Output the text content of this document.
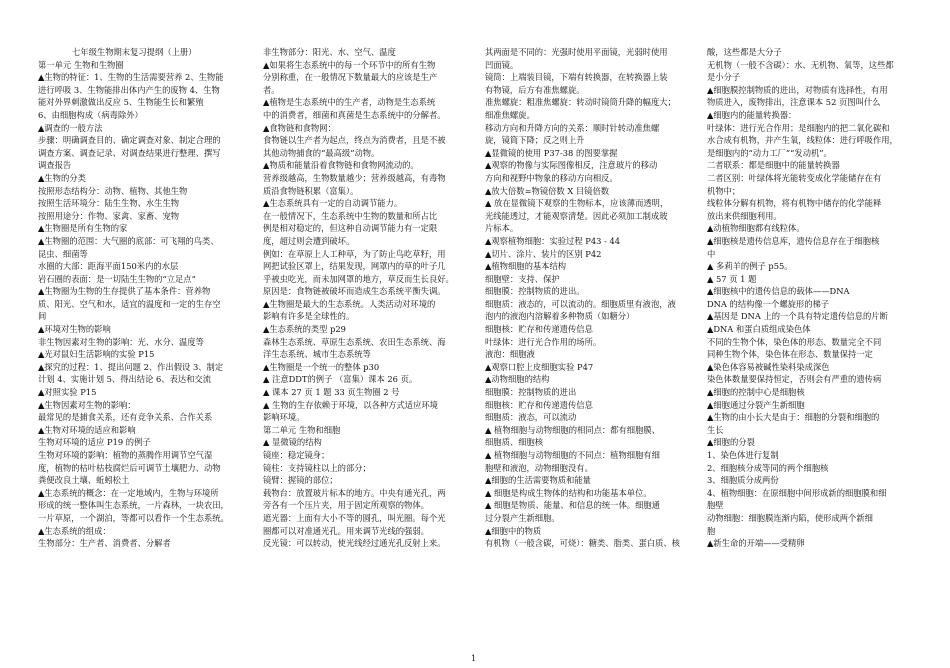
七年级生物期末复习提纲（上册）
第一单元 生物和生物圈
▲生物的特征：1、生物的生活需要营养 2、生物能
进行呼吸 3、生物能排出体内产生的废物 4、生物
能对外界刺激做出反应 5、生物能生长和繁殖
6、由细胞构成（病毒除外）
▲调查的一般方法
步骤：明确调查目的、确定调查对象、制定合理的
调查方案、调查记录、对调查结果进行整理、撰写
调查报告
▲生物的分类
按照形态结构分：动物、植物、其他生物
按照生活环境分：陆生生物、水生生物
按照用途分：作物、家禽、家畜、宠物
▲生物圈是所有生物的家
▲生物圈的范围：大气圈的底部：可飞翔的鸟类、
昆虫、细菌等
水圈的大部：距海平面150米内的水层
岩石圈的表面：是一切陆生生物的“立足点”
▲生物圈为生物的生存提供了基本条件：营养物
质、阳光、空气和水，适宜的温度和一定的生存空
间
▲环境对生物的影响
非生物因素对生物的影响：光、水分、温度等
▲光对鼠妇生活影响的实验 P15
▲探究的过程：1、提出问题 2、作出假设 3、制定
计划 4、实施计划 5、得出结论 6、表达和交流
▲对照实验 P15
▲生物因素对生物的影响：
最常见的是捕食关系，还有竞争关系、合作关系
▲生物对环境的适应和影响
生物对环境的适应 P19 的例子
生物对环境的影响：植物的蒸腾作用调节空气湿
度，植物的枯叶枯枝腐烂后可调节土壤肥力、动物
粪便改良土壤、蚯蚓松土
▲生态系统的概念：在一定地域内，生物与环境所
形成的统一整体叫生态系统，一片森林，一块农田，
一片草原，一个湖泊，等都可以看作一个生态系统。
▲生态系统的组成：
生物部分：生产者、消费者、分解者
非生物部分：阳光、水、空气、温度
▲如果将生态系统中的每一个环节中的所有生物
分别称重，在一般情况下数量最大的应该是生产
者。
▲植物是生态系统中的生产者，动物是生态系统
中的消费者，细菌和真菌是生态系统中的分解者。
▲食物链和食物网：
食物链以生产者为起点，终点为消费者，且是不被
其他动物捕食的“最高级”动物。
▲物质和能量沿着食物链和食物网流动的。
营养级越高，生物数量越少；营养级越高，有毒物
质沿食物链积累（富集）。
▲生态系统具有一定的自动调节能力。
在一般情况下，生态系统中生物的数量和所占比
例是相对稳定的，但这种自动调节能力有一定限
度，超过则会遭到破坏。
例如：在草原上人工种草，为了防止鸟吃草籽，用
网把试验区罩上，结果发现，网罩内的草的叶子几
乎被虫吃光，而未加网罩的地方，草反而生长良好。
原因是：食物链被破坏而造成生态系统平衡失调。
▲生物圈是最大的生态系统。人类活动对环境的
影响有许多是全球性的。
▲生态系统的类型 p29
森林生态系统、草原生态系统、农田生态系统、海
洋生态系统、城市生态系统等
▲生物圈是一个统一的整体 p30
▲ 注意DDT的例子 （富集）课本 26 页。
▲ 课本 27 页 1 题 33 页生物圈 2 号
▲ 生物的生存依赖于环境，以各种方式适应环境
影响环境。
第二单元 生物和细胞
▲ 显微镜的结构
镜座：稳定镜身；
镜柱：支持镜柱以上的部分；
镜臂：握镜的部位；
载物台：放置玻片标本的地方。中央有通光孔，两
旁各有一个压片夹，用于固定所观察的物体。
遮光器：上面有大小不等的圆孔，叫光圈。每个光
圈都可以对准通光孔。用来调节光线的强弱。
反光镜：可以转动，使光线经过通光孔反射上来。
其两面是不同的：光强时使用平面镜，光弱时使用
凹面镜。
镜筒：上端装目镜，下端有转换器，在转换器上装
有物镜，后方有准焦螺旋。
准焦螺旋：粗准焦螺旋：转动时镜筒升降的幅度大；
细准焦螺旋。
移动方向和升降方向的关系：顺时针转动准焦螺
旋，镜筒下降；反之则上升
▲显微镜的使用 P37-38 的图要掌握
▲观察的物像与实际图像相反，注意玻片的移动
方向和视野中物象的移动方向相反。
▲放大倍数=物镜倍数 X 目镜倍数
▲ 放在显微镜下观察的生物标本，应该薄而透明，
光线能透过，才能观察清楚。因此必须加工制成玻
片标本。
▲观察植物细胞：实验过程 P43 - 44
▲切片、涂片、装片的区别 P42
▲植物细胞的基本结构
细胞壁：支持、保护
细胞膜：控制物质的进出。
细胞质：液态的，可以流动的。细胞质里有液泡，液
泡内的液泡内溶解着多种物质（如糖分）
细胞核：贮存和传递遗传信息
叶绿体：进行光合作用的场所。
液泡：细胞液
▲观察口腔上皮细胞实验 P47
▲动物细胞的结构
细胞膜：控制物质的进出
细胞核：贮存和传递遗传信息
细胞质：液态，可以流动
▲ 植物细胞与动物细胞的相同点：都有细胞膜、
细胞质、细胞核
▲ 植物细胞与动物细胞的不同点：植物细胞有细
胞壁和液泡，动物细胞没有。
▲细胞的生活需要物质和能量
▲ 细胞是构成生物体的结构和功能基本单位。
▲ 细胞是物质、能量、和信息的统一体。细胞通
过分裂产生新细胞。
▲细胞中的物质
有机物（一般含碳，可烧）：糖类、脂类、蛋白质、核
酸，这些都是大分子
无机物（一般不含碳）：水、无机物、氧等，这些都
是小分子
▲细胞膜控制物质的进出，对物质有选择性，有用
物质进入，废物排出，注意课本 52 页图叫什么
▲细胞内的能量转换器：
叶绿体：进行光合作用；是细胞内的把二氧化碳和
水合成有机物，并产生氧，线粒体：进行呼吸作用，
是细胞内的“动力工厂”“发动机”。
二者联系：都是细胞中的能量转换器
二者区别：叶绿体将光能转变成化学能储存在有
机物中；
线粒体分解有机物，将有机物中储存的化学能释
放出来供细胞利用。
▲动植物细胞都有线粒体。
▲细胞核是遗传信息库，遗传信息存在于细胞核
中
▲ 多莉羊的例子 p55。
▲ 57 页 1 题
▲细胞核中的遗传信息的载体——DNA
DNA 的结构像一个螺旋形的梯子
▲基因是 DNA 上的一个具有特定遗传信息的片断
▲DNA 和蛋白质组成染色体
不同的生物个体，染色体的形态、数量完全不同
同种生物个体，染色体在形态、数量保持一定
▲染色体容易被碱性染料染成深色
染色体数量要保持恒定，否则会有严重的遗传病
▲细胞的控制中心是细胞核
▲细胞通过分裂产生新细胞
▲生物的由小长大是由于：细胞的分裂和细胞的
生长
▲细胞的分裂
1、染色体进行复制
2、细胞核分成等同的两个细胞核
3、细胞质分成两份
4、植物细胞：在原细胞中间形成新的细胞膜和细
胞壁
动物细胞：细胞膜连渐内陷，使形成两个新细
胞
▲新生命的开端——受精卵
1
